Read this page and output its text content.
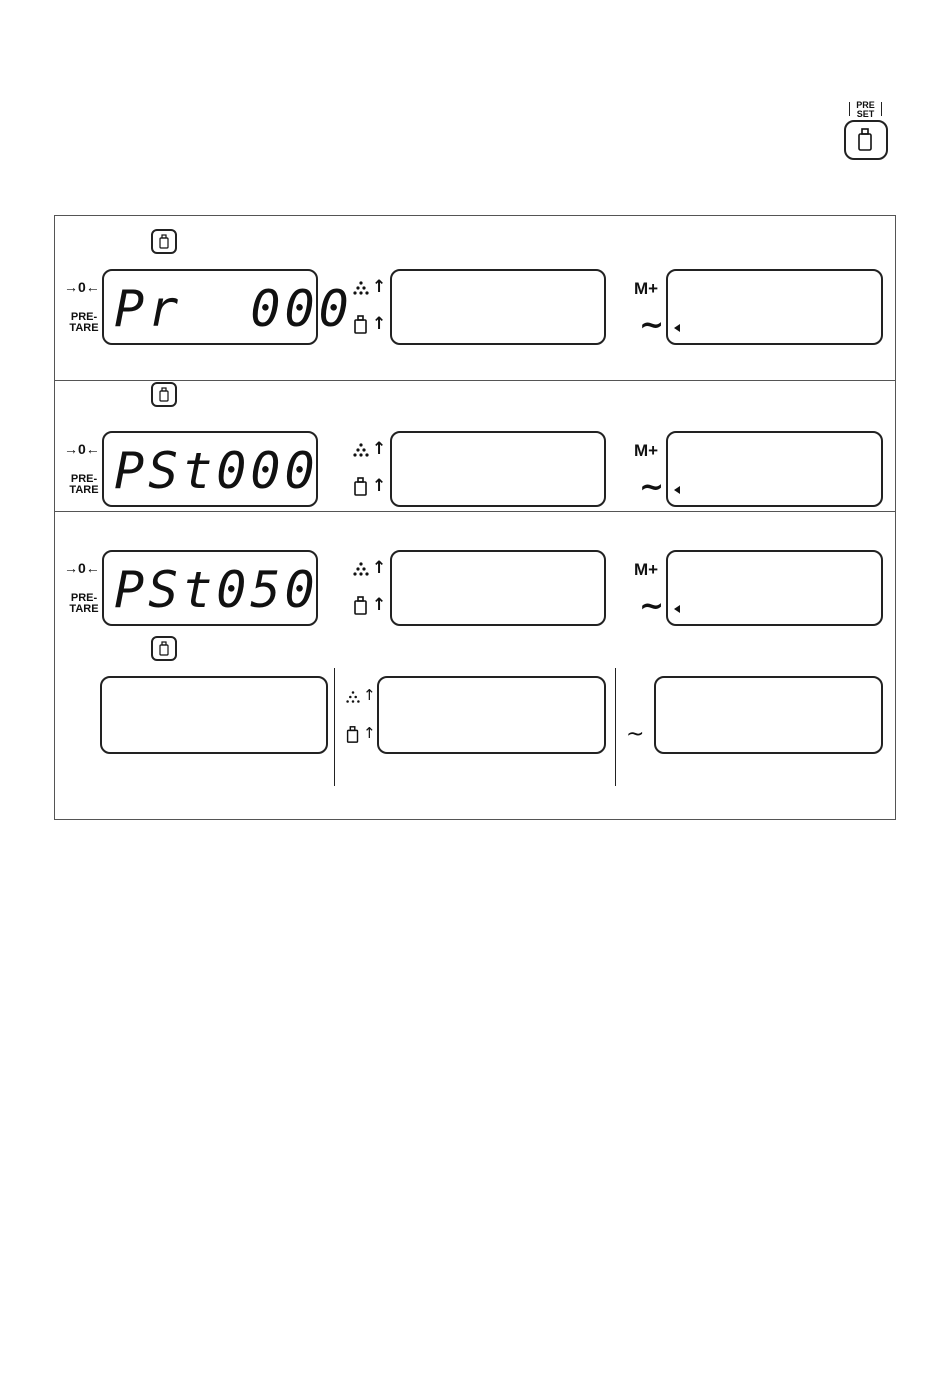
PRE
SET
→0←
PRE-
TARE Pr  000 ↑
↑
M+
~
→0←
PRE-
TARE PSt000	↑
↑
M+
~
→0←
PRE-
TARE PSt050	↑
↑
M+
~
↑
↑	~
